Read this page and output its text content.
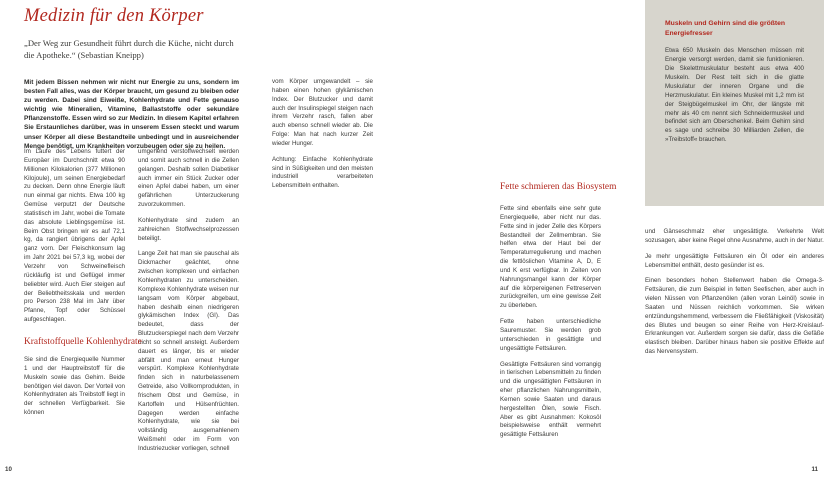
Medizin für den Körper
„Der Weg zur Gesundheit führt durch die Küche, nicht durch die Apotheke.“ (Sebastian Kneipp)
Mit jedem Bissen nehmen wir nicht nur Energie zu uns, sondern im besten Fall alles, was der Körper braucht, um gesund zu bleiben oder zu werden. Dabei sind Eiweiße, Kohlenhydrate und Fette genauso wichtig wie Mineralien, Vitamine, Ballaststoffe oder sekundäre Pflanzenstoffe. Essen wird so zur Medizin. In diesem Kapitel erfahren Sie Erstaunliches darüber, was in unserem Essen steckt und warum unser Körper all diese Bestandteile unbedingt und in ausreichender Menge benötigt, um Krankheiten vorzubeugen oder sie zu heilen.

Im Laufe des Lebens futtert der Europäer im Durchschnitt etwa 90 Millionen Kilokalorien (377 Millionen Kilojoule), um seinen Energiebedarf zu decken. Denn ohne Energie läuft nun einmal gar nichts. Etwa 100 kg Gemüse verputzt der Deutsche statistisch im Jahr, wobei die Tomate das absolute Lieblingsgemüse ist. Beim Obst bringen wir es auf 72,1 kg, da rangiert übrigens der Apfel ganz vorn. Der Fleischkonsum lag im Jahr 2021 bei 57,3 kg, wobei der Verzehr von Schweinefleisch rückläufig ist und Geflügel immer beliebter wird. Auch Eier steigen auf der Beliebtheitsskala und werden pro Person 238 Mal im Jahr über Pfanne, Topf oder Schüssel aufgeschlagen.

umgehend verstoffwechselt werden und somit auch schnell in die Zellen gelangen. Deshalb sollen Diabetiker auch immer ein Stück Zucker oder einen Apfel dabei haben, um einer gefährlichen Unterzuckerung zuvorzukommen.

Kohlenhydrate sind zudem an zahlreichen Stoffwechselprozessen beteiligt.

Lange Zeit hat man sie pauschal als Dickmacher geächtet, ohne zwischen komplexen und einfachen Kohlenhydraten zu unterscheiden. Komplexe Kohlenhydrate weisen nur langsam vom Körper abgebaut, haben deshalb einen niedrigeren glykämischen Index (GI). Das bedeutet, dass der Blutzuckerspiegel nach dem Verzehr nicht so schnell ansteigt. Außerdem dauert es länger, bis er wieder abfällt und man erneut Hunger verspürt. Komplexe Kohlenhydrate finden sich in naturbelassenem Getreide, also Vollkornprodukten, in frischem Obst und Gemüse, in Kartoffeln und Hülsenfrüchten. Dagegen werden einfache Kohlenhydrate, wie sie bei vollständig ausgemahlenem Weißmehl oder im Form von Industriezucker vorliegen, schnell

vom Körper umgewandelt – sie haben einen hohen glykämischen Index. Der Blutzucker und damit auch der Insulinspiegel steigen nach ihrem Verzehr rasch, fallen aber auch ebenso schnell wieder ab. Die Folge: Man hat nach kurzer Zeit wieder Hunger.

Achtung: Einfache Kohlenhydrate sind in Süßigkeiten und den meisten industriell verarbeiteten Lebensmitteln enthalten.

Kraftstoffquelle Kohlenhydrate

Sie sind die Energiequelle Nummer 1 und der Hauptreibstoff für die Muskeln sowie das Gehirn. Beide benötigen viel davon. Der Vorteil von Kohlenhydraten als Treibstoff liegt in der schnellen Verfügbarkeit. Sie können

Fette schmieren das Biosystem

Fette sind ebenfalls eine sehr gute Energiequelle, aber nicht nur das. Fette sind in jeder Zelle des Körpers Bestandteil der Zellmembran. Sie helfen etwa der Haut bei der Temperaturregulierung und machen die fettlöslichen Vitamine A, D, E und K erst verfügbar. In Zeiten von Nahrungsmangel kann der Körper auf die körpereigenen Fettreserven zurückgreifen, um eine gewisse Zeit zu überleben.

Fette haben unterschiedliche Sauremuster. Sie werden grob unterschieden in gesättigte und ungesättigte Fettsäuren.

Gesättigte Fettsäuren sind vorrangig in tierischen Lebensmitteln zu finden und die ungesättigten Fettsäuren in eher pflanzlichen Nahrungsmitteln, Kernen sowie Saaten und daraus hergestellten Ölen, sowie Fisch. Aber es gibt Ausnahmen: Kokosöl beispielsweise enthält vermehrt gesättigte Fettsäuren

und Gänseschmalz eher ungesättigte. Verkehrte Welt sozusagen, aber keine Regel ohne Ausnahme, auch in der Natur.

Je mehr ungesättigte Fettsäuren ein Öl oder ein anderes Lebensmittel enthält, desto gesünder ist es.

Einen besonders hohen Stellenwert haben die Omega-3-Fettsäuren, die zum Beispiel in fetten Seefischen, aber auch in vielen Nüssen von Pflanzenölen (allen voran Leinöl) sowie in Saaten und Nüssen reichlich vorkommen. Sie wirken entzündungshemmend, verbessern die Fließfähigkeit (Viskosität) des Blutes und beugen so einer Reihe von Herz-Kreislauf-Erkrankungen vor. Außerdem sorgen sie dafür, dass die Gefäße elastisch bleiben. Darüber hinaus haben sie positive Effekte auf das Nervensystem.

Muskeln und Gehirn sind die größten Energiefresser
Etwa 650 Muskeln des Menschen müssen mit Energie versorgt werden, damit sie funktionieren. Die Skelettmuskulatur besteht aus etwa 400 Muskeln. Der Rest teilt sich in die glatte Muskulatur der inneren Organe und die Herzmuskulatur. Ein kleines Muskel mit 1,2 mm ist der Steigbügelmuskel im Ohr, der längste mit mehr als 40 cm nennt sich Schneidermuskel und befindet sich am Oberschenkel. Beim Gehirn sind es sage und schreibe 30 Milliarden Zellen, die »Treibstoff« brauchen.
10	11
